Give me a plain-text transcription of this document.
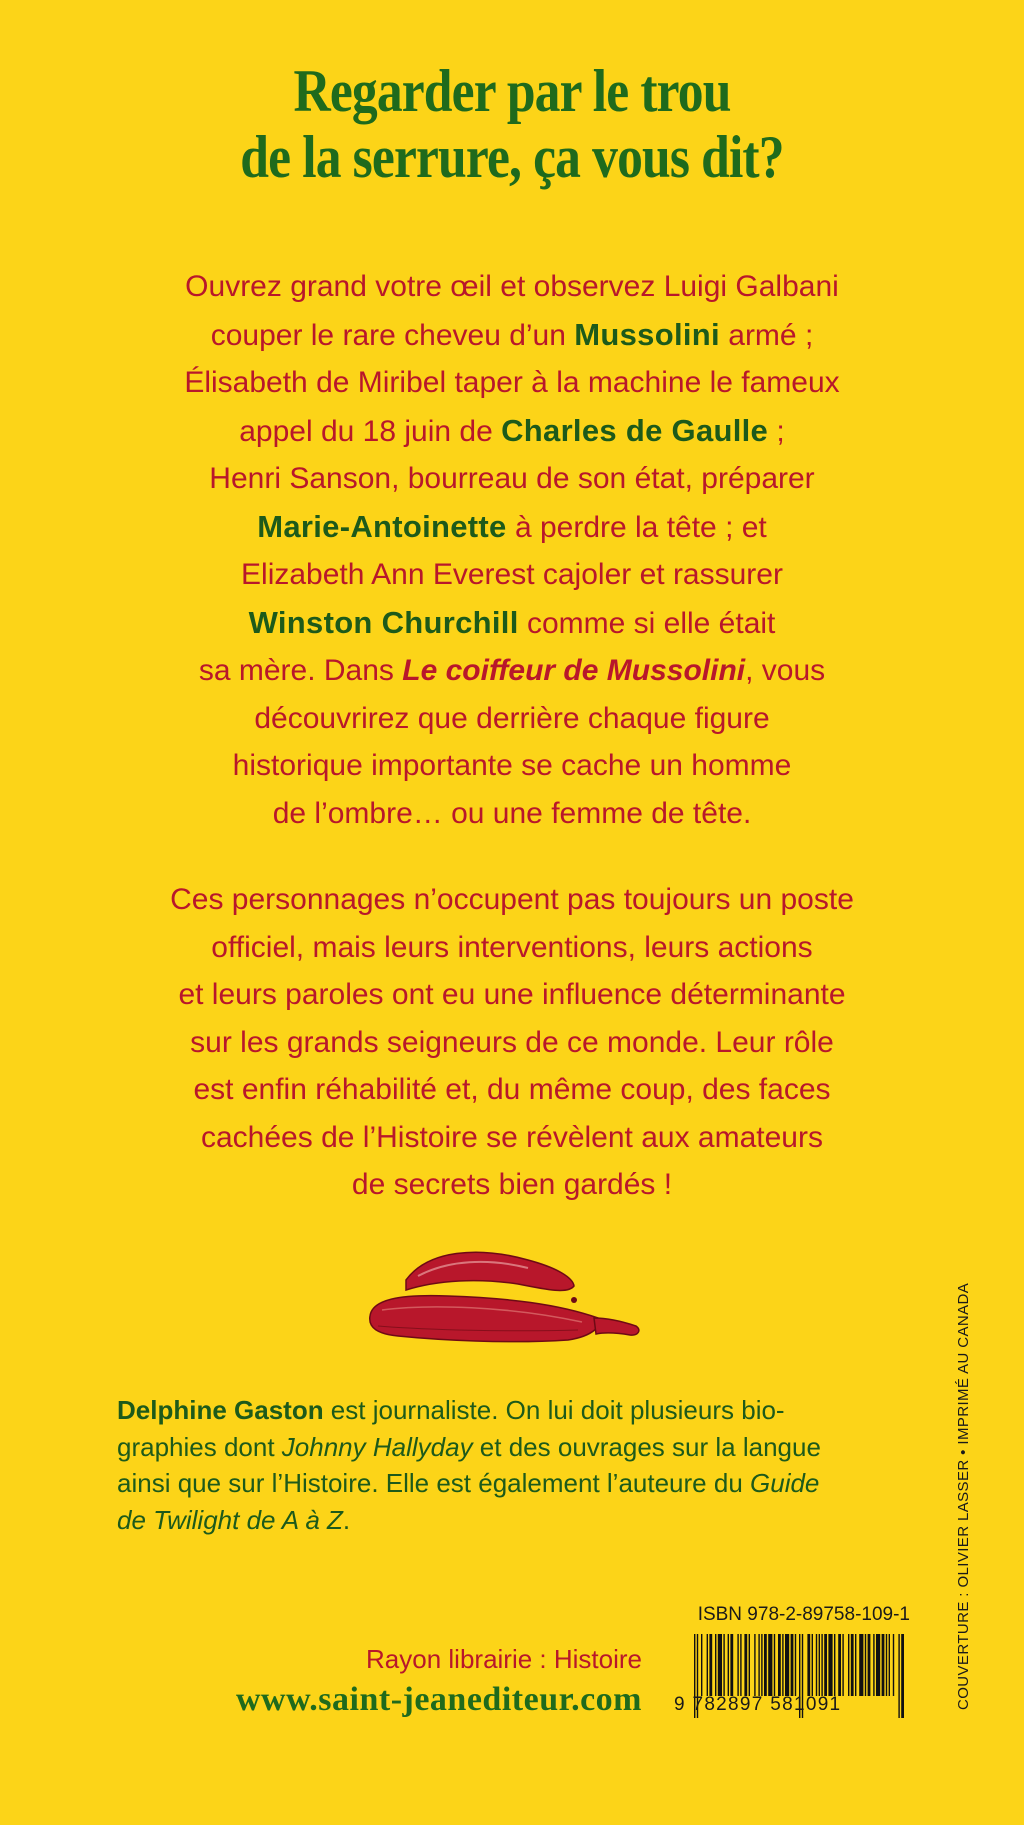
Regarder par le trou
de la serrure, ça vous dit?
Ouvrez grand votre œil et observez Luigi Galbani
couper le rare cheveu d’un Mussolini armé ;
Élisabeth de Miribel taper à la machine le fameux
appel du 18 juin de Charles de Gaulle ;
Henri Sanson, bourreau de son état, préparer
Marie-Antoinette à perdre la tête ; et
Elizabeth Ann Everest cajoler et rassurer
Winston Churchill comme si elle était
sa mère. Dans Le coiffeur de Mussolini, vous
découvrirez que derrière chaque figure
historique importante se cache un homme
de l’ombre… ou une femme de tête.
Ces personnages n’occupent pas toujours un poste
officiel, mais leurs interventions, leurs actions
et leurs paroles ont eu une influence déterminante
sur les grands seigneurs de ce monde. Leur rôle
est enfin réhabilité et, du même coup, des faces
cachées de l’Histoire se révèlent aux amateurs
de secrets bien gardés !
Delphine Gaston est journaliste. On lui doit plusieurs bio-
graphies dont Johnny Hallyday et des ouvrages sur la langue
ainsi que sur l’Histoire. Elle est également l’auteure du Guide
de Twilight de A à Z.
Rayon librairie : Histoire
www.saint-jeanediteur.com
ISBN 978-2-89758-109-1
9 782897 581091	COUVERTURE : OLIVIER LASSER • IMPRIMÉ AU CANADA
